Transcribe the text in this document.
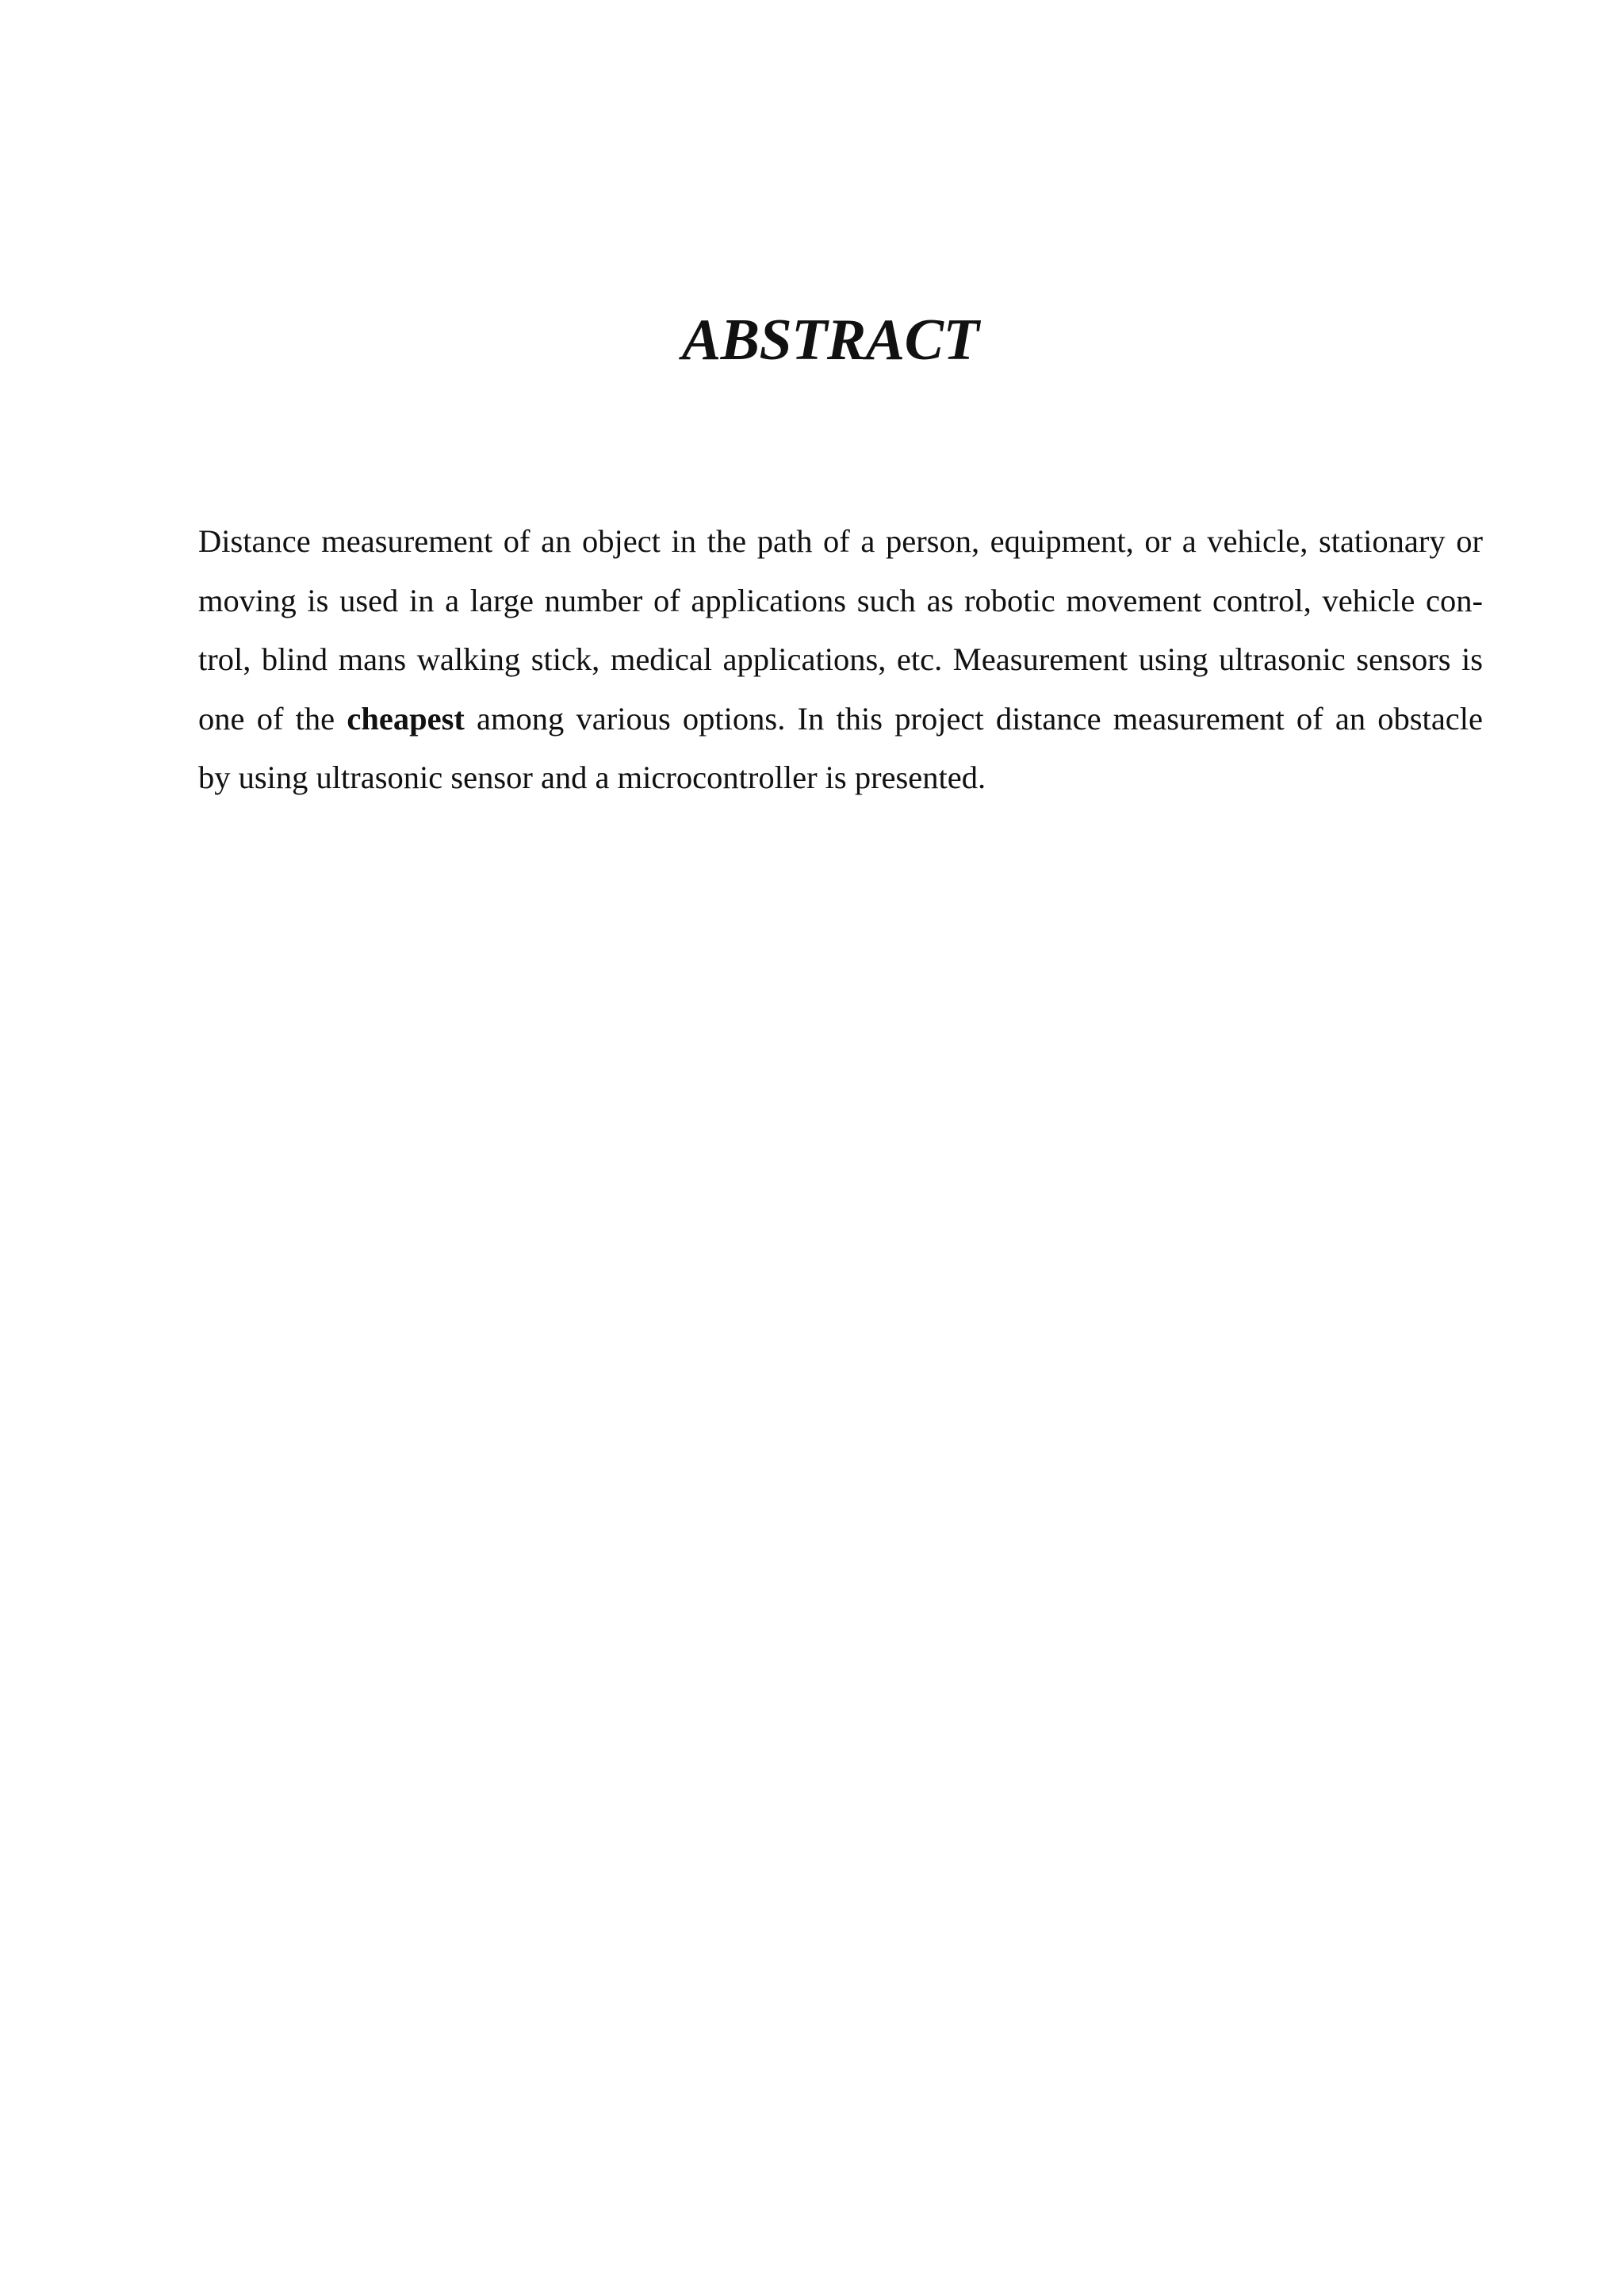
ABSTRACT
Distance measurement of an object in the path of a person, equipment, or a vehicle, stationary or
moving is used in a large number of applications such as robotic movement control, vehicle con-
trol, blind mans walking stick, medical applications, etc. Measurement using ultrasonic sensors is
one of the cheapest among various options. In this project distance measurement of an obstacle
by using ultrasonic sensor and a microcontroller is presented.
